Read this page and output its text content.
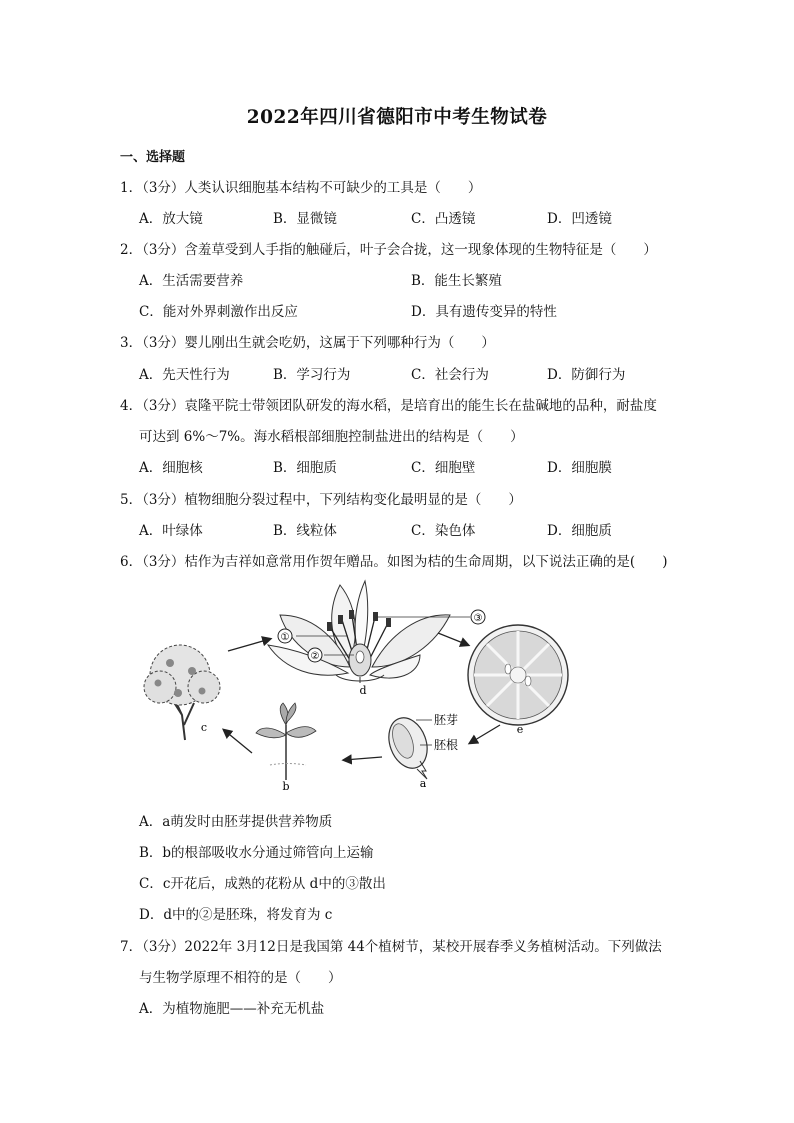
2022年四川省德阳市中考生物试卷
一、选择题
1．（3分）人类认识细胞基本结构不可缺少的工具是（　　）
A．放大镜	B．显微镜	C．凸透镜	D．凹透镜
2．（3分）含羞草受到人手指的触碰后，叶子会合拢，这一现象体现的生物特征是（　　）
A．生活需要营养	B．能生长繁殖
C．能对外界刺激作出反应	D．具有遗传变异的特性
3．（3分）婴儿刚出生就会吃奶，这属于下列哪种行为（　　）
A．先天性行为	B．学习行为	C．社会行为	D．防御行为
4．（3分）袁隆平院士带领团队研发的海水稻，是培育出的能生长在盐碱地的品种，耐盐度
可达到 6%～7%。海水稻根部细胞控制盐进出的结构是（　　）
A．细胞核	B．细胞质	C．细胞壁	D．细胞膜
5．（3分）植物细胞分裂过程中，下列结构变化最明显的是（　　）
A．叶绿体	B．线粒体	C．染色体	D．细胞质
6．（3分）桔作为吉祥如意常用作贺年赠品。如图为桔的生命周期，以下说法正确的是(　　)
①
②
③
d
e
胚芽
胚根
a
b
c
A．a萌发时由胚芽提供营养物质
B．b的根部吸收水分通过筛管向上运输
C．c开花后，成熟的花粉从 d中的③散出
D．d中的②是胚珠，将发育为 c
7．（3分）2022年 3月12日是我国第 44个植树节，某校开展春季义务植树活动。下列做法
与生物学原理不相符的是（　　）
A．为植物施肥——补充无机盐
